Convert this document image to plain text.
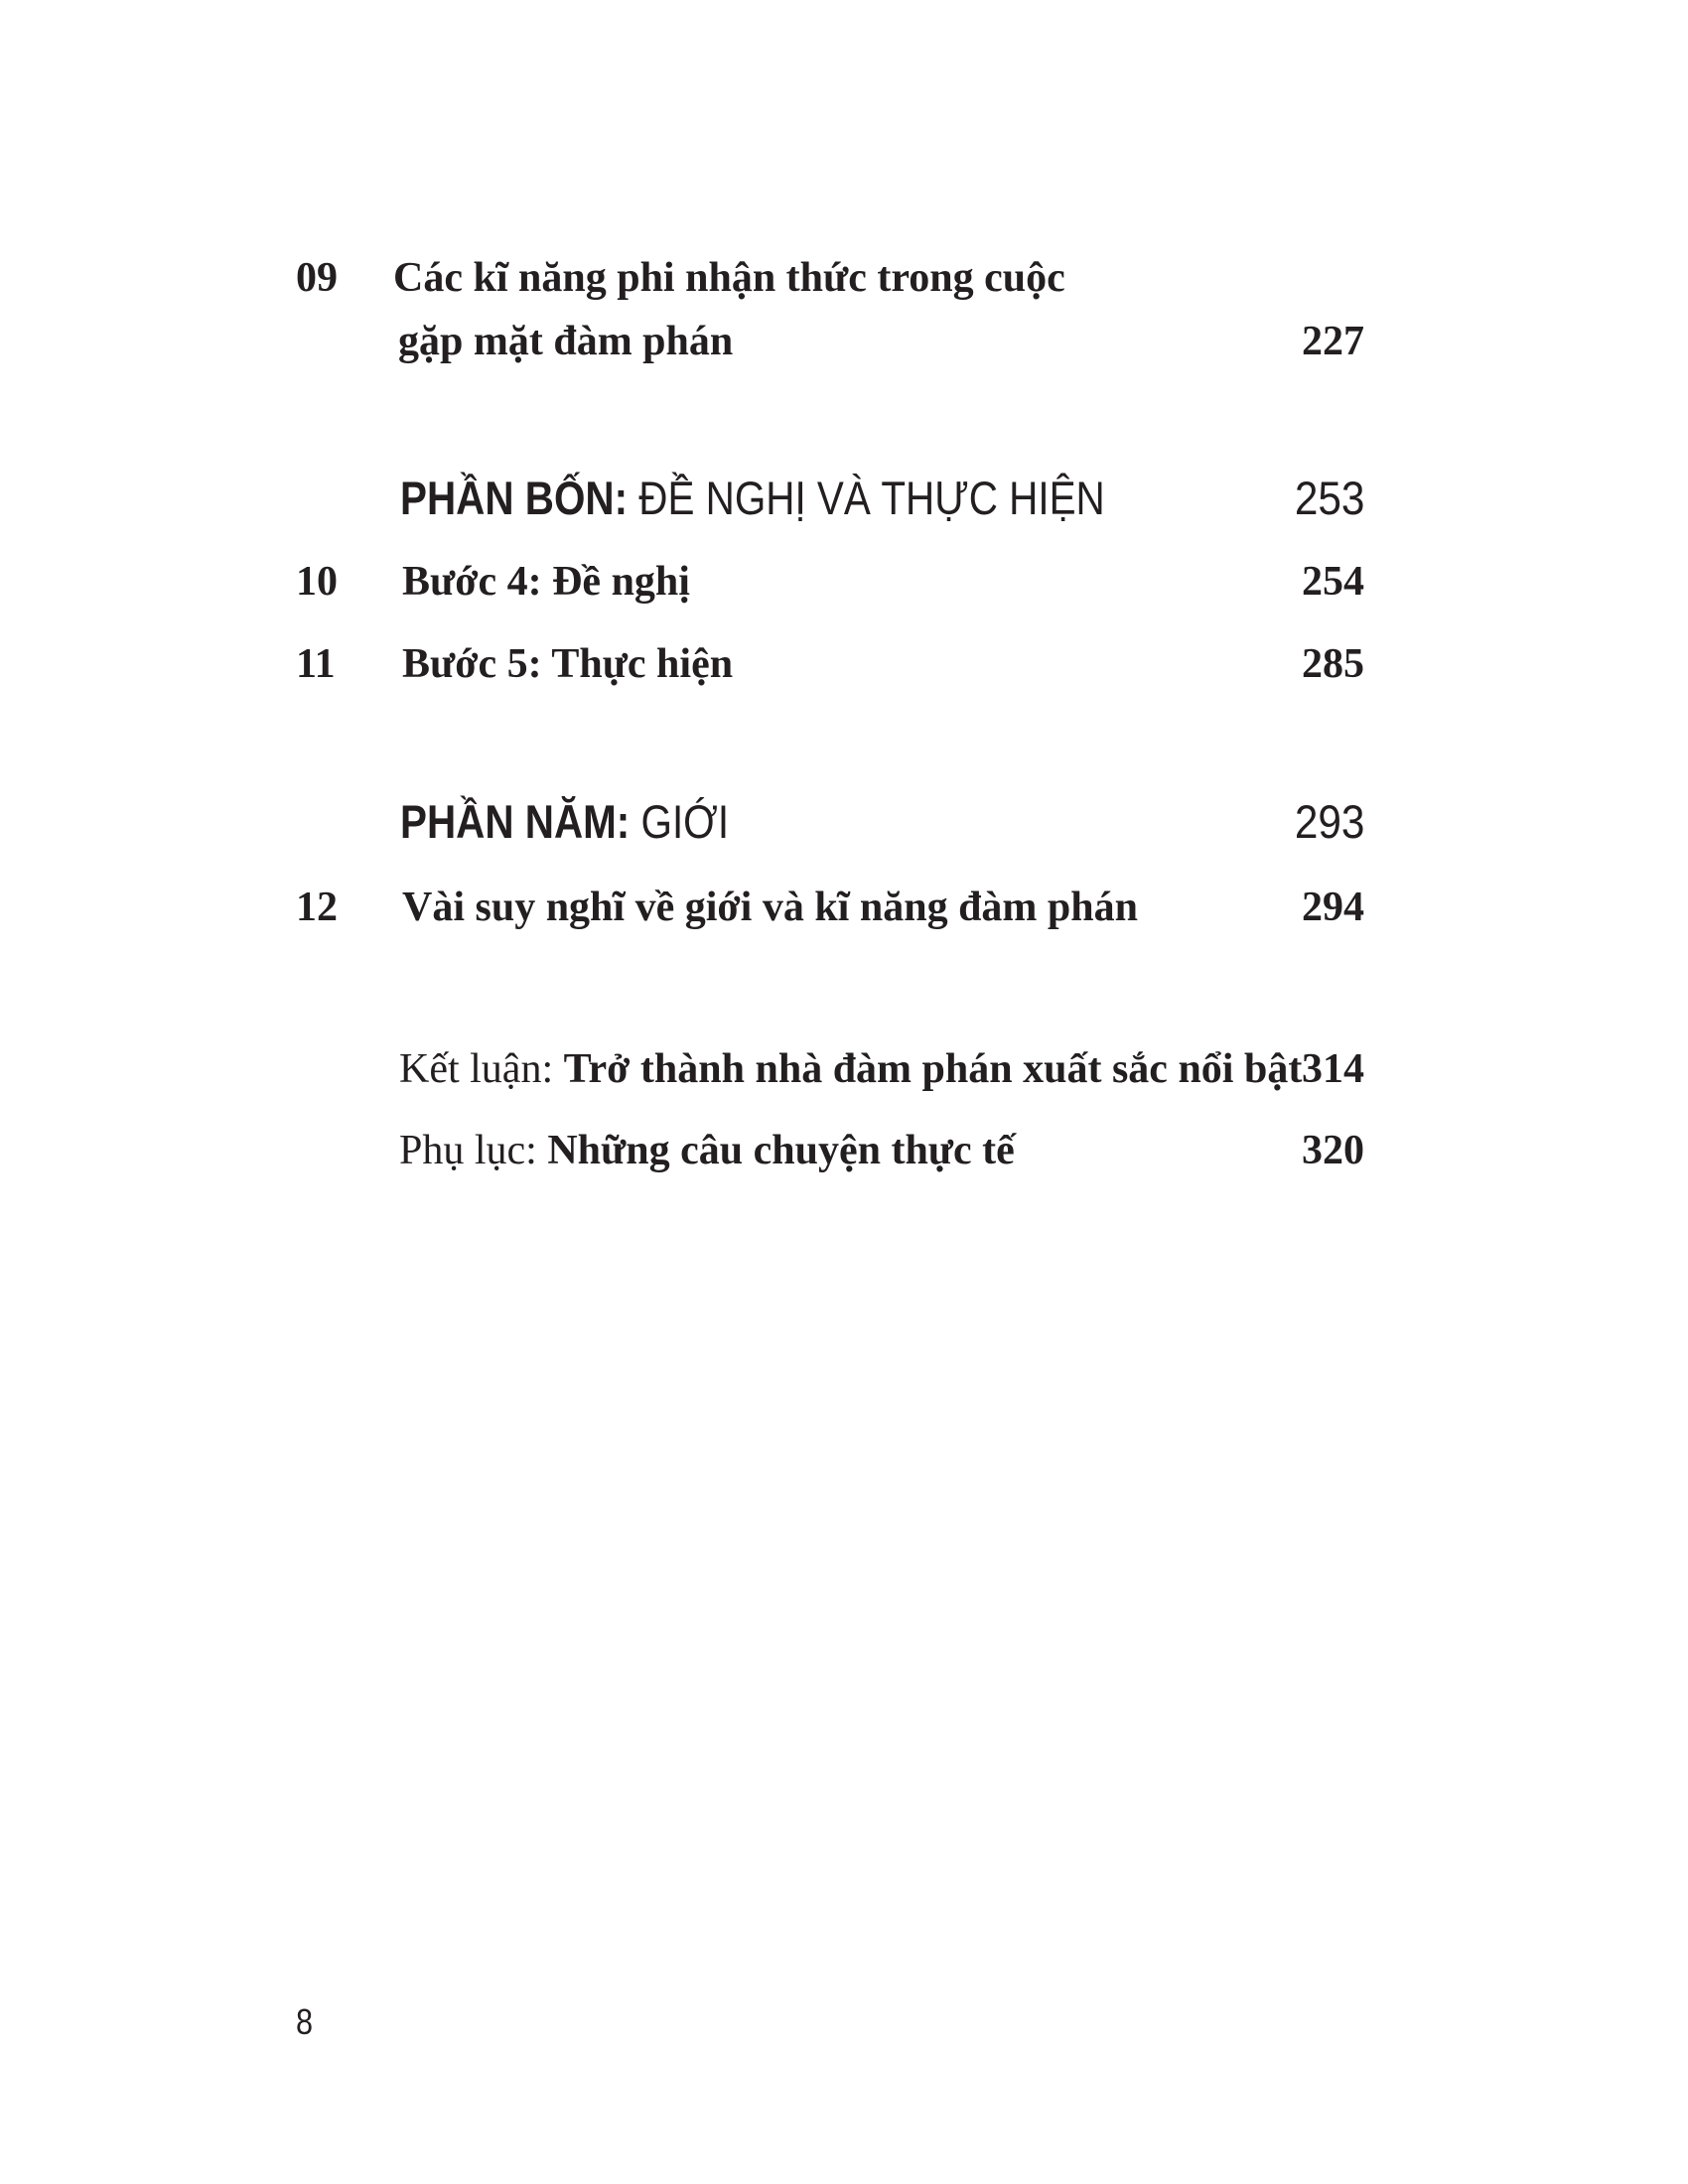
09 Các kĩ năng phi nhận thức trong cuộc
gặp mặt đàm phán	227
PHẦN BỐN: ĐỀ NGHỊ VÀ THỰC HIỆN	253
10 Bước 4: Đề nghị	254
11 Bước 5: Thực hiện	285
PHẦN NĂM: GIỚI	293
12 Vài suy nghĩ về giới và kĩ năng đàm phán	294
Kết luận: Trở thành nhà đàm phán xuất sắc nổi bật 314
Phụ lục: Những câu chuyện thực tế	320
8
